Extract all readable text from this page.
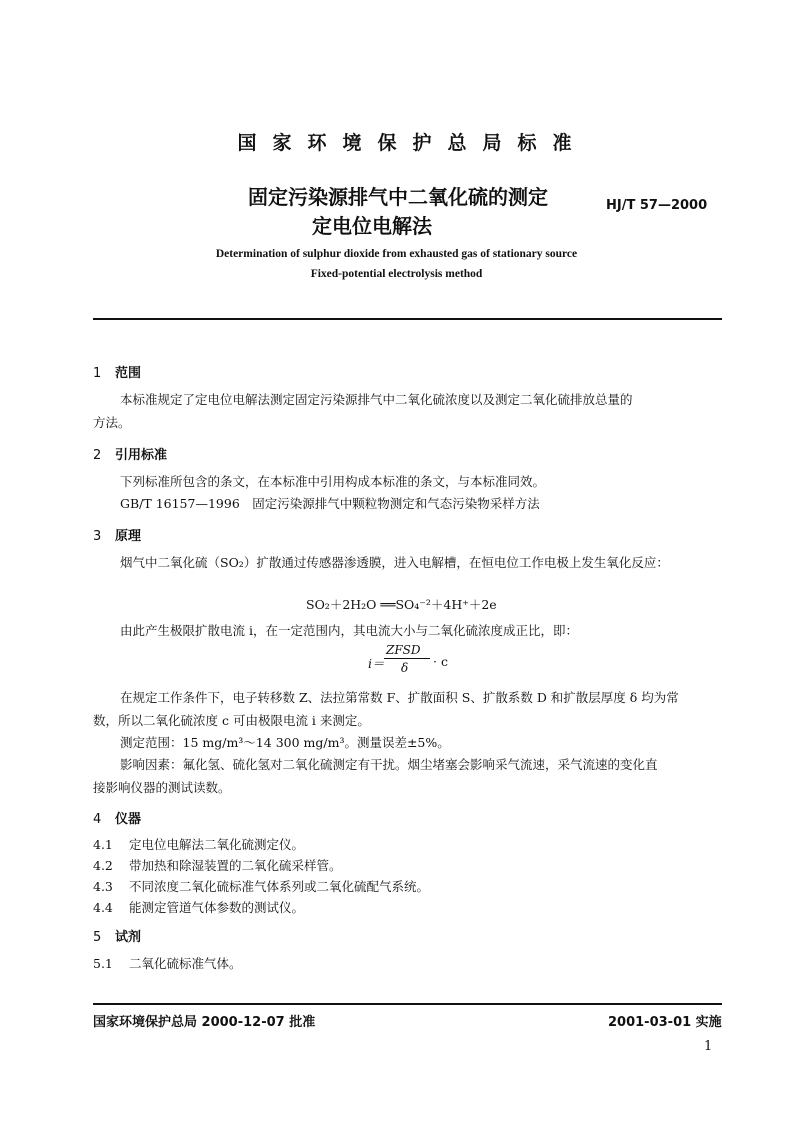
国家环境保护总局标准
固定污染源排气中二氧化硫的测定
定电位电解法
HJ/T 57—2000
Determination of sulphur dioxide from exhausted gas of stationary source
Fixed-potential electrolysis method
1 范围
本标准规定了定电位电解法测定固定污染源排气中二氧化硫浓度以及测定二氧化硫排放总量的
方法。
2 引用标准
下列标准所包含的条文，在本标准中引用构成本标准的条文，与本标准同效。
GB/T 16157—1996　固定污染源排气中颗粒物测定和气态污染物采样方法
3 原理
烟气中二氧化硫（SO₂）扩散通过传感器渗透膜，进入电解槽，在恒电位工作电极上发生氧化反应：
SO₂＋2H₂O ══SO₄⁻²＋4H⁺＋2e
由此产生极限扩散电流 i，在一定范围内，其电流大小与二氧化硫浓度成正比，即：
i＝
ZFSD
δ · c
在规定工作条件下，电子转移数 Z、法拉第常数 F、扩散面积 S、扩散系数 D 和扩散层厚度 δ 均为常
数，所以二氧化硫浓度 c 可由极限电流 i 来测定。
测定范围：15 mg/m³～14 300 mg/m³。测量误差±5%。
影响因素：氟化氢、硫化氢对二氧化硫测定有干扰。烟尘堵塞会影响采气流速，采气流速的变化直
接影响仪器的测试读数。
4 仪器
4.1 定电位电解法二氧化硫测定仪。
4.2 带加热和除湿装置的二氧化硫采样管。
4.3 不同浓度二氧化硫标准气体系列或二氧化硫配气系统。
4.4 能测定管道气体参数的测试仪。
5 试剂
5.1 二氧化硫标准气体。
国家环境保护总局 2000-12-07 批准	2001-03-01 实施
1
